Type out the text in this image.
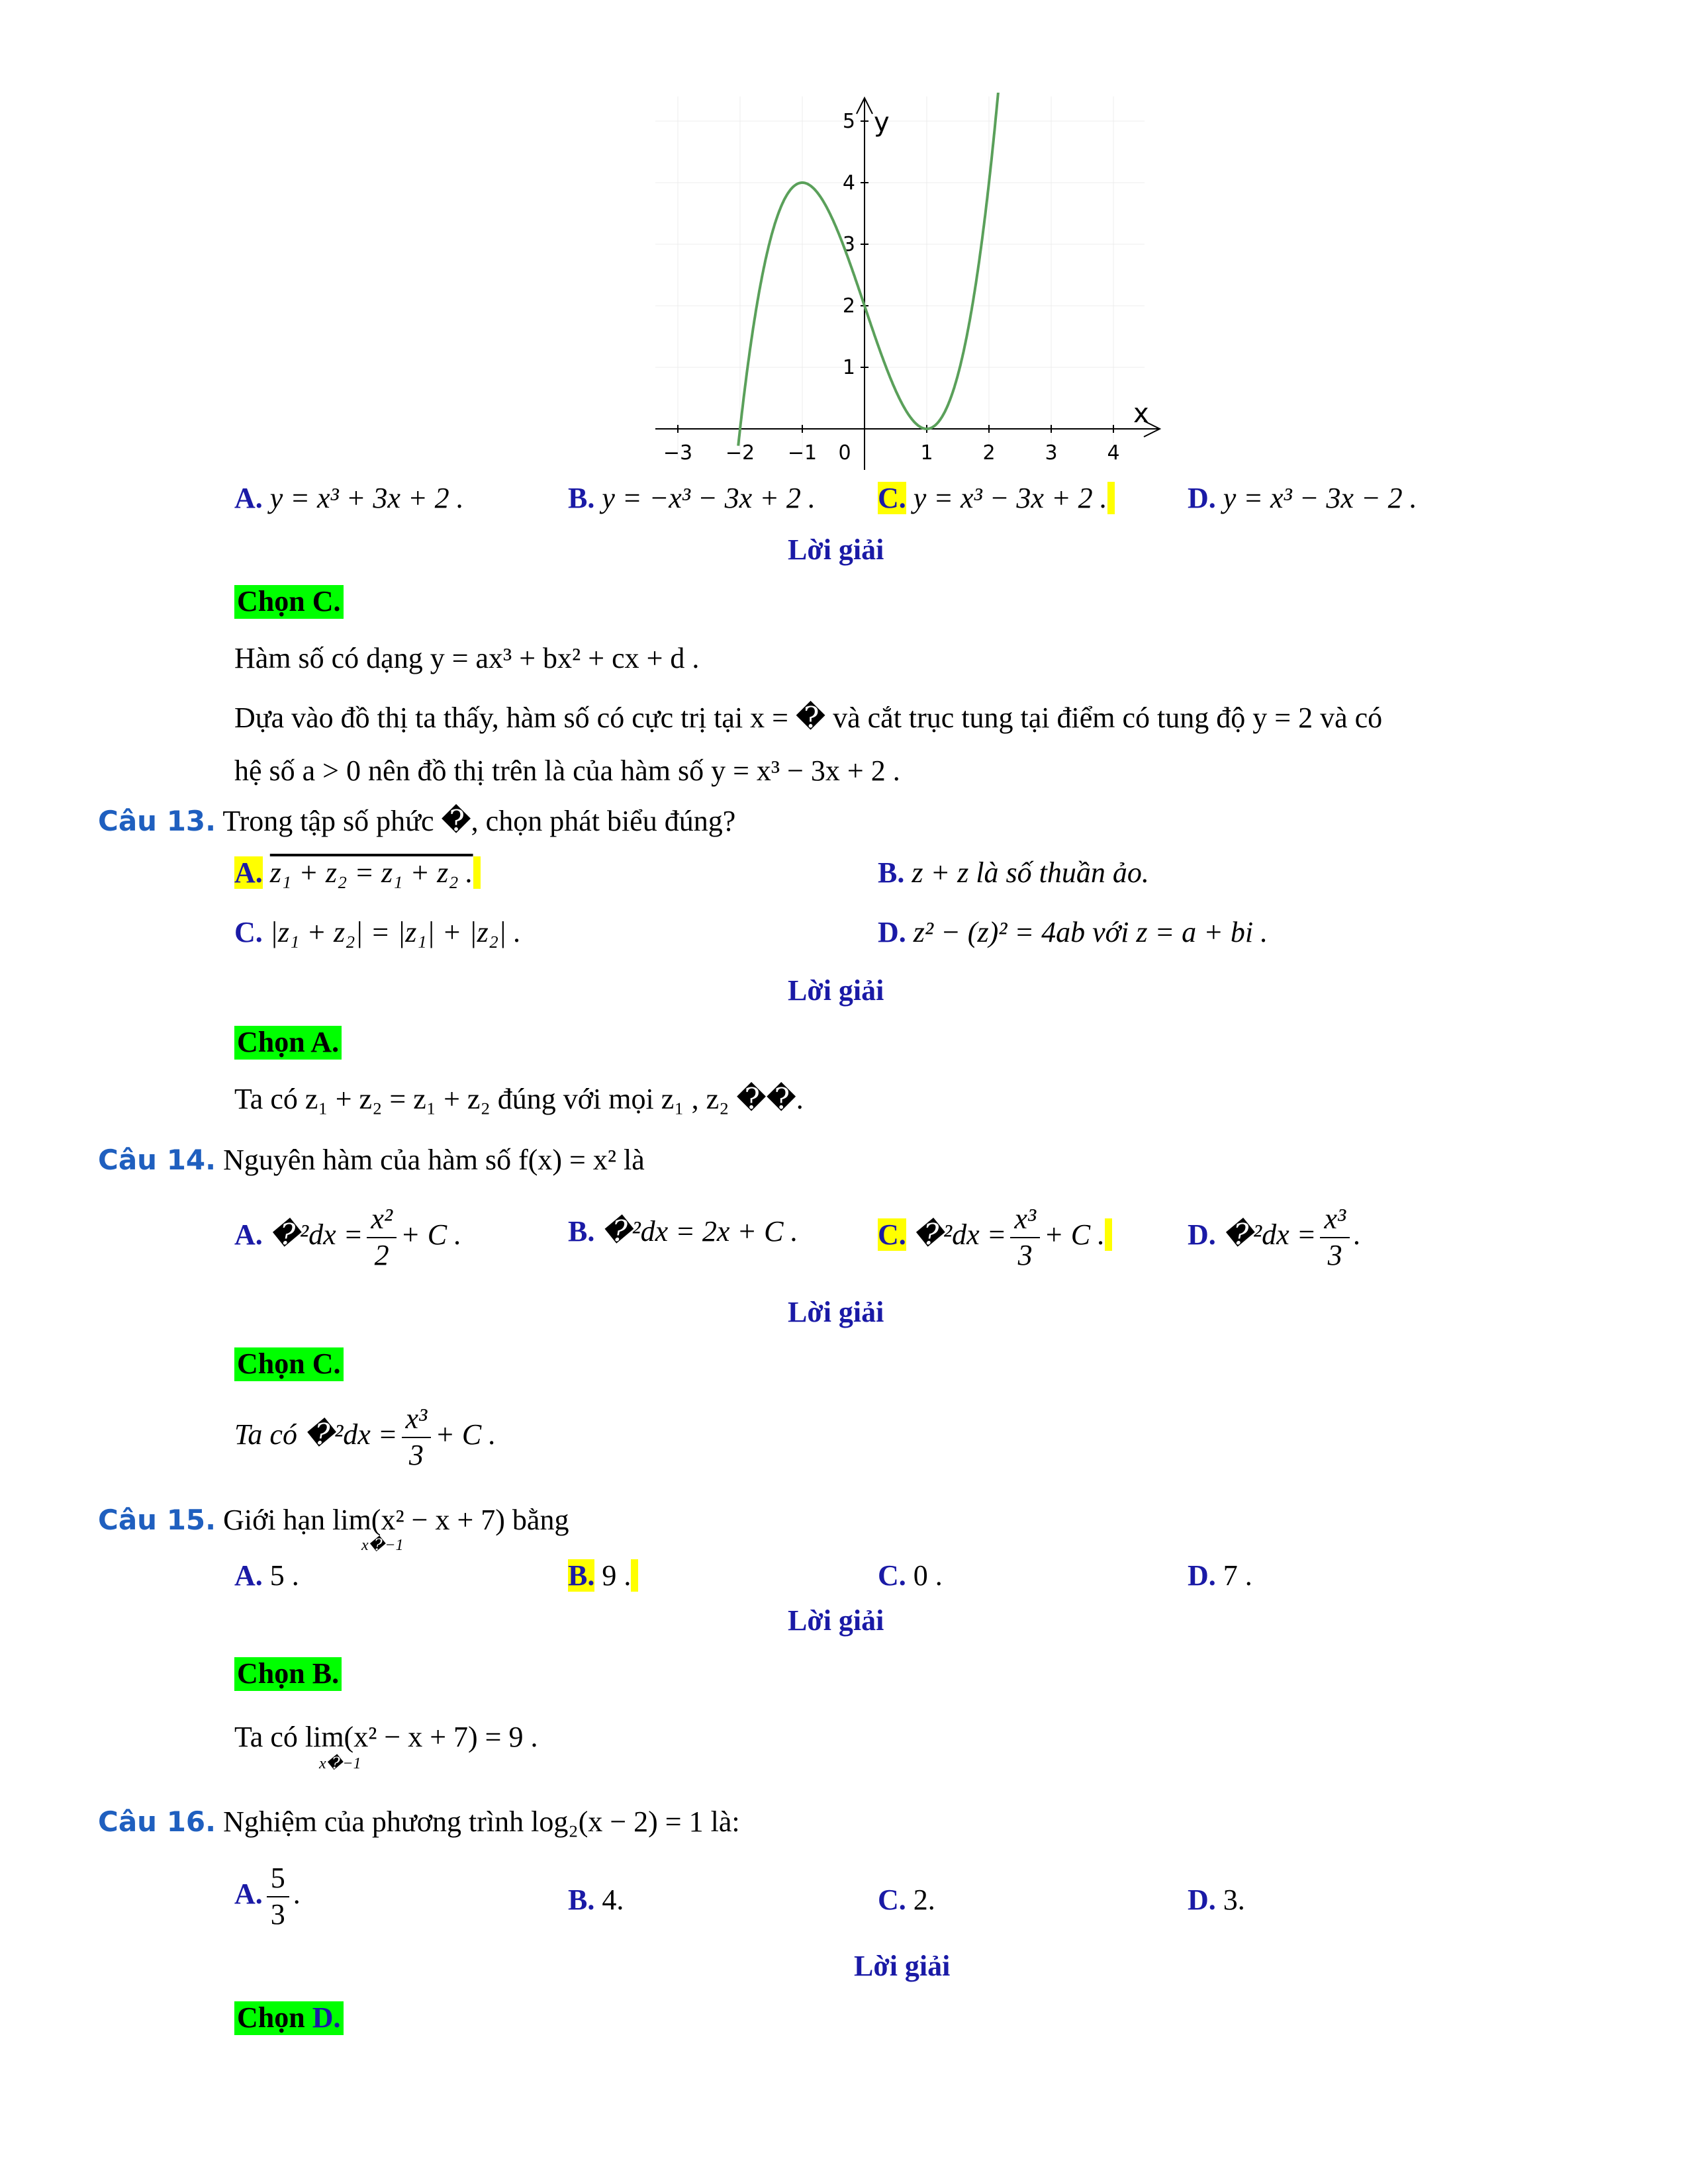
−3 −2 −1 0	1 2 3 4
1
2
3
4
5
x
y
A. y = x³ + 3x + 2 .	B. y = −x³ − 3x + 2 . C. y = x³ − 3x + 2 .	D. y = x³ − 3x − 2 .
Lời giải
Chọn C.
Hàm số có dạng y = ax³ + bx² + cx + d .
Dựa vào đồ thị ta thấy, hàm số có cực trị tại x = � và cắt trục tung tại điểm có tung độ y = 2 và có
hệ số a > 0 nên đồ thị trên là của hàm số y = x³ − 3x + 2 .
Câu 13. Trong tập số phức �, chọn phát biểu đúng?
A. z₁ + z₂ = z₁ + z₂ .	B. z + z là số thuần ảo.
C. |z₁ + z₂| = |z₁| + |z₂| .	D. z² − (z)² = 4ab với z = a + bi .
Lời giải
Chọn A.
Ta có z₁ + z₂ = z₁ + z₂ đúng với mọi z₁ , z₂ ��.
Câu 14. Nguyên hàm của hàm số f(x) = x² là
A. �²dx = $\frac{\text{x²}}{2} + C$ .	B. �²dx = 2x + C .	C. �²dx = $\frac{\text{x³}}{3} + C$ .	D. �²dx = $\frac{\text{x³}}{3}$ .
Lời giải
Chọn C.
Ta có �²dx = $\frac{\text{x³}}{3} + C$ .
Câu 15. Giới hạn lim(x² − x + 7) bằng
x�−1
A. 5 .	B. 9 .	C. 0 .	D. 7 .
Lời giải
Chọn B.
Ta có lim(x² − x + 7) = 9 .
x�−1
Câu 16. Nghiệm của phương trình log₂(x − 2) = 1 là:
A. $\frac{5}{3}$ .	B. 4.	C. 2.	D. 3.
Lời giải
Chọn D.
